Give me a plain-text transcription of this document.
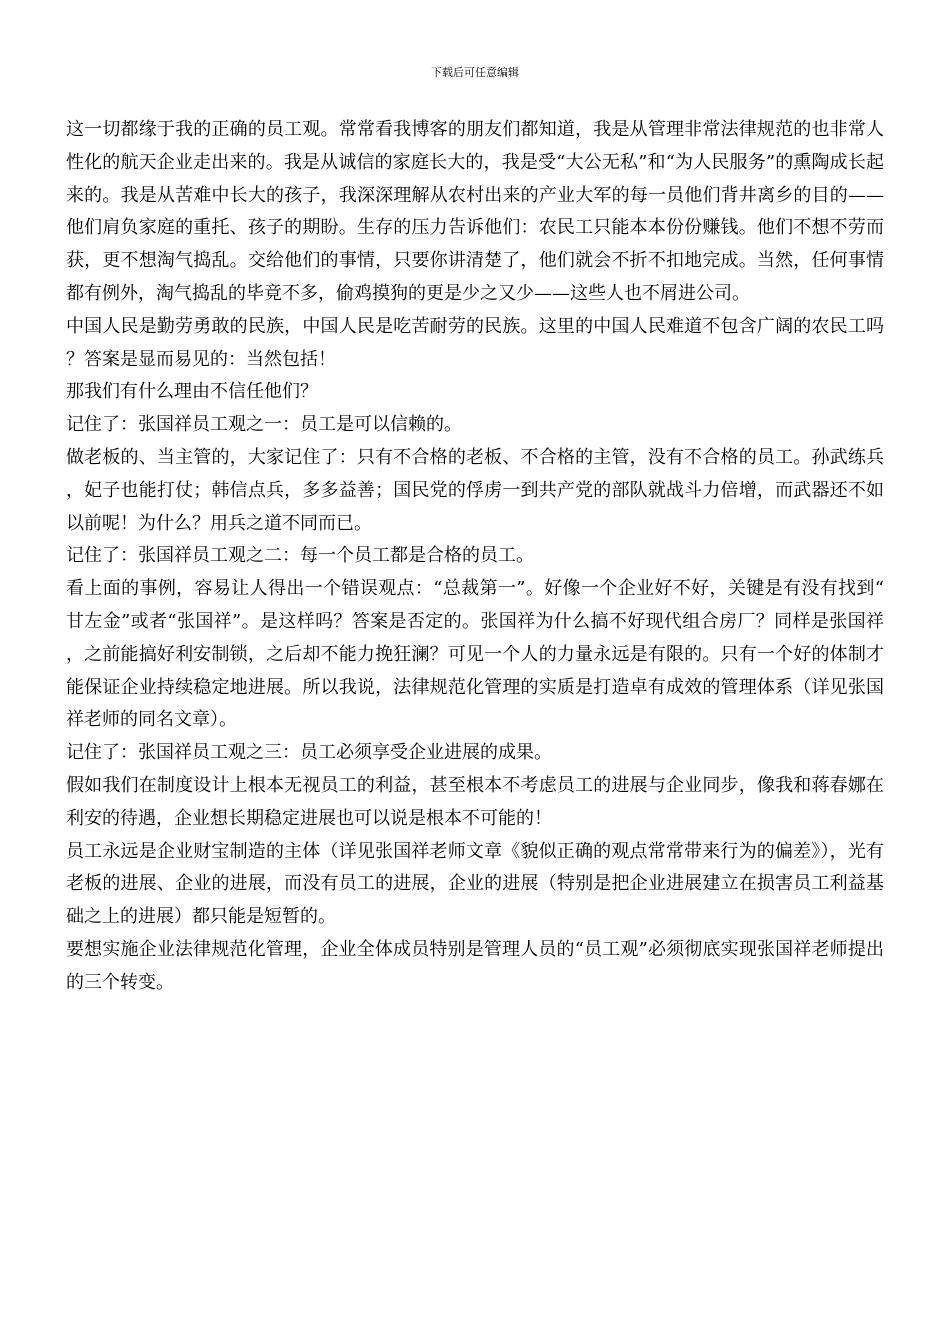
下载后可任意编辑

这一切都缘于我的正确的员工观。常常看我博客的朋友们都知道，我是从管理非常法律规范的也非常人性化的航天企业走出来的。我是从诚信的家庭长大的，我是受“大公无私”和“为人民服务”的熏陶成长起来的。我是从苦难中长大的孩子，我深深理解从农村出来的产业大军的每一员他们背井离乡的目的——他们肩负家庭的重托、孩子的期盼。生存的压力告诉他们：农民工只能本本份份赚钱。他们不想不劳而获，更不想淘气捣乱。交给他们的事情，只要你讲清楚了，他们就会不折不扣地完成。当然，任何事情都有例外，淘气捣乱的毕竟不多，偷鸡摸狗的更是少之又少——这些人也不屑进公司。

中国人民是勤劳勇敢的民族，中国人民是吃苦耐劳的民族。这里的中国人民难道不包含广阔的农民工吗？答案是显而易见的：当然包括！

那我们有什么理由不信任他们？

记住了：张国祥员工观之一：员工是可以信赖的。

做老板的、当主管的，大家记住了：只有不合格的老板、不合格的主管，没有不合格的员工。孙武练兵，妃子也能打仗；韩信点兵，多多益善；国民党的俘虏一到共产党的部队就战斗力倍增，而武器还不如以前呢！为什么？用兵之道不同而已。

记住了：张国祥员工观之二：每一个员工都是合格的员工。

看上面的事例，容易让人得出一个错误观点：“总裁第一”。好像一个企业好不好，关键是有没有找到“甘左金”或者“张国祥”。是这样吗？答案是否定的。张国祥为什么搞不好现代组合房厂？同样是张国祥，之前能搞好利安制锁，之后却不能力挽狂澜？可见一个人的力量永远是有限的。只有一个好的体制才能保证企业持续稳定地进展。所以我说，法律规范化管理的实质是打造卓有成效的管理体系（详见张国祥老师的同名文章）。

记住了：张国祥员工观之三：员工必须享受企业进展的成果。

假如我们在制度设计上根本无视员工的利益，甚至根本不考虑员工的进展与企业同步，像我和蒋春娜在利安的待遇，企业想长期稳定进展也可以说是根本不可能的！

员工永远是企业财宝制造的主体（详见张国祥老师文章《貌似正确的观点常常带来行为的偏差》），光有老板的进展、企业的进展，而没有员工的进展，企业的进展（特别是把企业进展建立在损害员工利益基础之上的进展）都只能是短暂的。

要想实施企业法律规范化管理，企业全体成员特别是管理人员的“员工观”必须彻底实现张国祥老师提出的三个转变。
